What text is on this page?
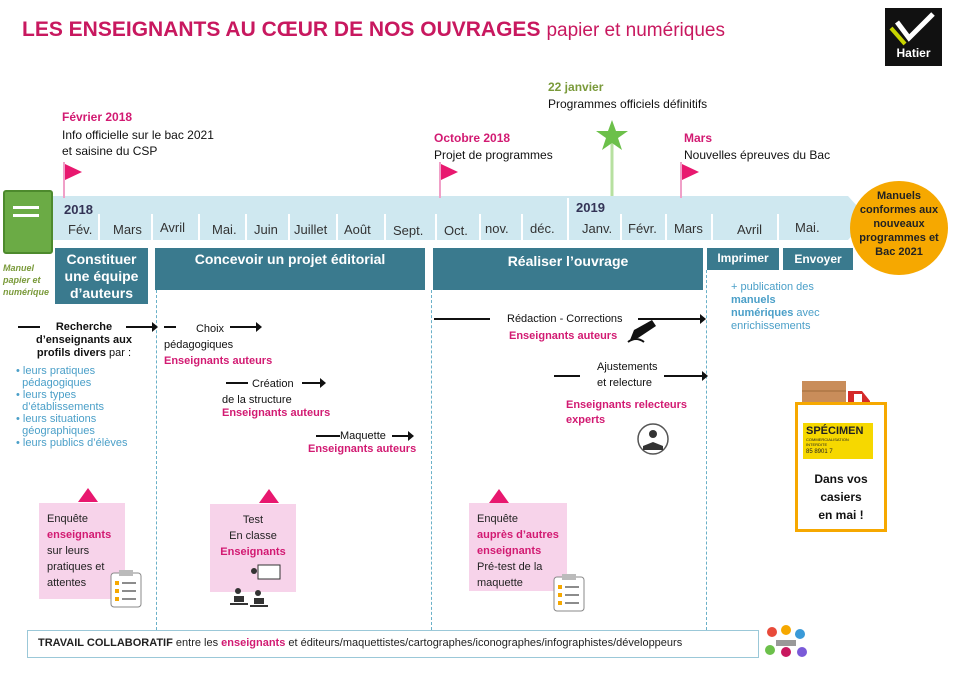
LES ENSEIGNANTS AU CŒUR DE NOS OUVRAGES papier et numériques
Hatier
Manuel
papier et
numérique
2018	2019
Fév. Mars Avril Mai. Juin Juillet Août Sept. Oct. nov. déc. Janv. Févr. Mars	Avril	Mai.
Février 2018
Info officielle sur le bac 2021
et saisine du CSP
Octobre 2018
Projet de programmes
22 janvier
Programmes officiels définitifs
Mars
Nouvelles épreuves du Bac
Manuels
conformes aux
nouveaux
programmes et
Bac 2021
Constituer
une équipe
d’auteurs
Concevoir un projet éditorial	Réaliser l’ouvrage	Imprimer	Envoyer
Recherche
d’enseignants aux
profils divers par :
• leurs pratiques
pédagogiques
• leurs types
d’établissements
• leurs situations
géographiques
• leurs publics d’élèves
Choix
pédagogiques
Enseignants auteurs
Création
de la structure
Enseignants auteurs
Maquette
Enseignants auteurs
Rédaction - Corrections
Enseignants auteurs
Ajustements
et relecture
Enseignants relecteurs
experts
+ publication des
manuels
numériques avec
enrichissements
SPÉCIMEN
COMMERCIALISATION INTERDITE
85 8901 7
Dans vos
casiers
en mai !
Enquête
enseignants
sur leurs
pratiques et
attentes
Test
En classe
Enseignants
Enquête
auprès d’autres
enseignants
Pré-test de la
maquette
TRAVAIL COLLABORATIF entre les enseignants et éditeurs/maquettistes/cartographes/iconographes/infographistes/développeurs
